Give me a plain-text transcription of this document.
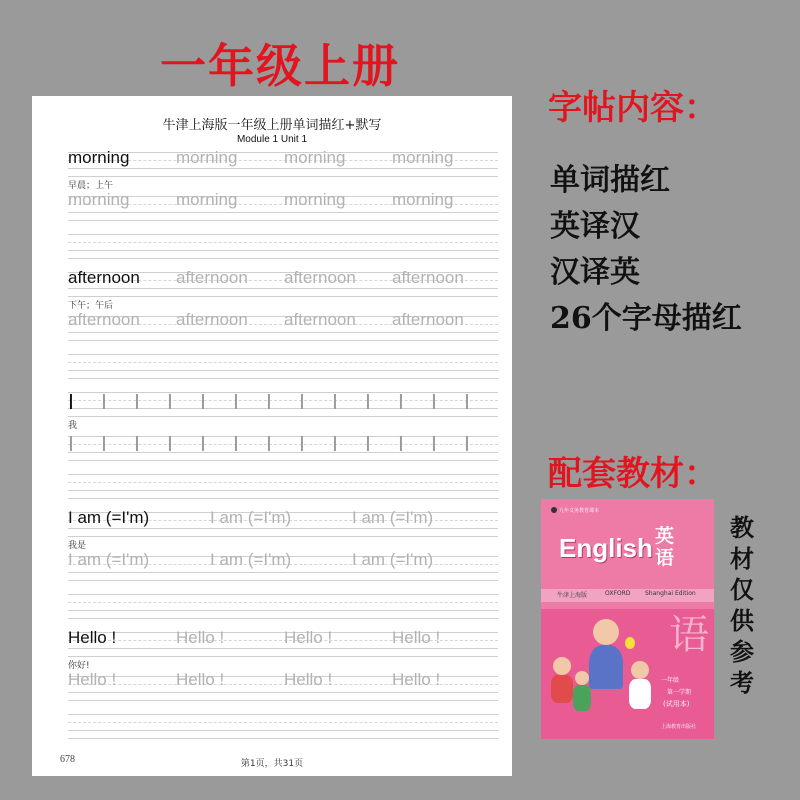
一年级上册
牛津上海版一年级上册单词描红+默写
Module 1 Unit 1
morning	morning	morning	morning
morning	morning	morning	morning
早晨；上午
afternoon afternoon afternoon afternoon
afternoon afternoon afternoon afternoon
下午；午后
I I I I I I I I I I I I I
I I I I I I I I I I I I I
我
I am (=I'm)	I am (=I'm)	I am (=I'm)
I am (=I'm)	I am (=I'm)	I am (=I'm)
我是
Hello !	Hello !	Hello !	Hello !
Hello !	Hello !	Hello !	Hello !
你好!
678	第1页，共31页
字帖内容：
单词描红
英译汉
汉译英
26个字母描红
配套教材：
九年义务教育课本
English 英语
牛津上海版	OXFORD Shanghai Edition
语
一年级
第一学期
(试用本)
上海教育出版社
教材仅供参考
